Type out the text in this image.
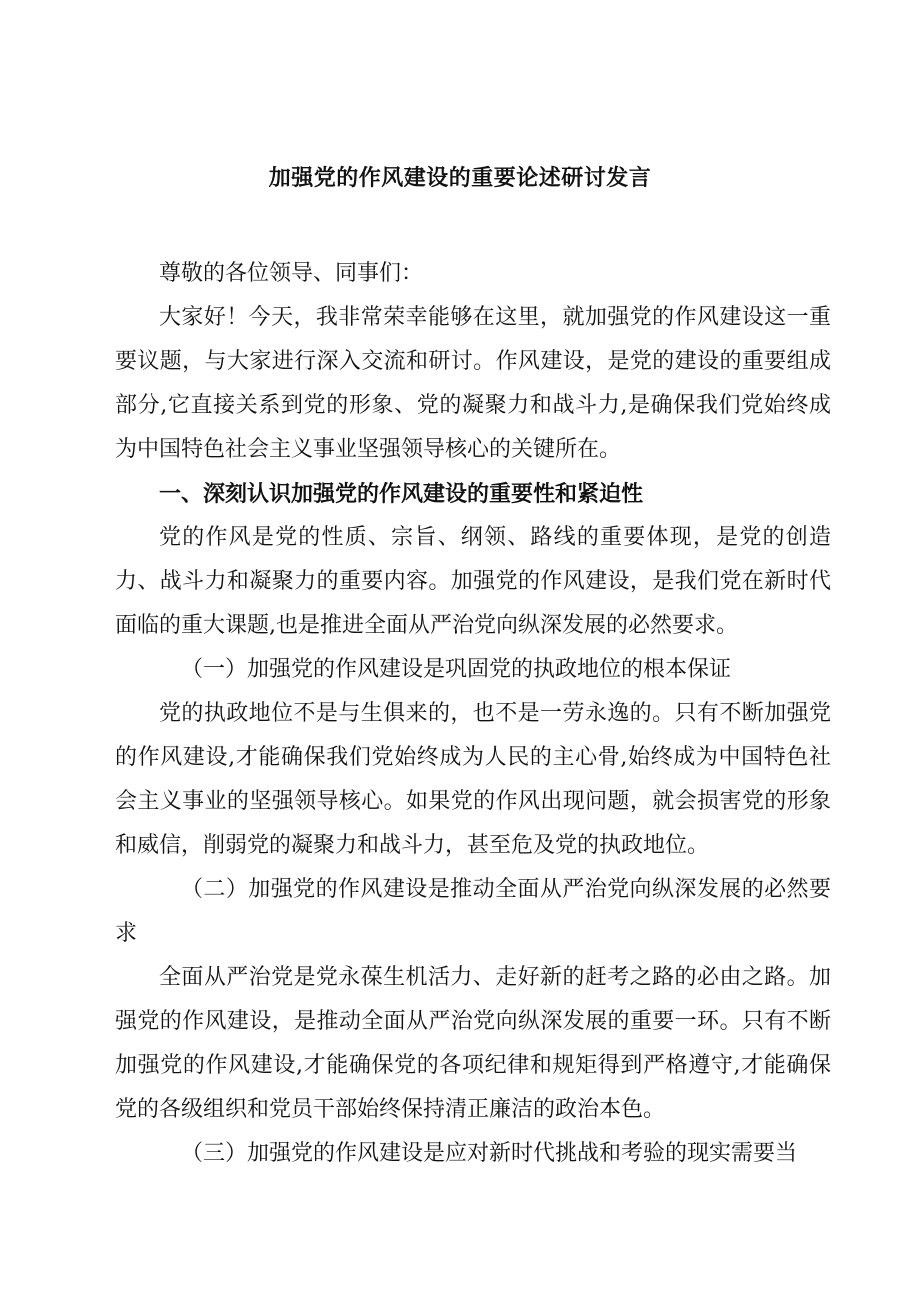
加强党的作风建设的重要论述研讨发言

尊敬的各位领导、同事们：

大家好！今天，我非常荣幸能够在这里，就加强党的作风建设这一重要议题，与大家进行深入交流和研讨。作风建设，是党的建设的重要组成部分,它直接关系到党的形象、党的凝聚力和战斗力,是确保我们党始终成为中国特色社会主义事业坚强领导核心的关键所在。

一、深刻认识加强党的作风建设的重要性和紧迫性

党的作风是党的性质、宗旨、纲领、路线的重要体现，是党的创造力、战斗力和凝聚力的重要内容。加强党的作风建设，是我们党在新时代面临的重大课题,也是推进全面从严治党向纵深发展的必然要求。

（一）加强党的作风建设是巩固党的执政地位的根本保证

党的执政地位不是与生俱来的，也不是一劳永逸的。只有不断加强党的作风建设,才能确保我们党始终成为人民的主心骨,始终成为中国特色社会主义事业的坚强领导核心。如果党的作风出现问题，就会损害党的形象和威信，削弱党的凝聚力和战斗力，甚至危及党的执政地位。

（二）加强党的作风建设是推动全面从严治党向纵深发展的必然要求

全面从严治党是党永葆生机活力、走好新的赶考之路的必由之路。加强党的作风建设，是推动全面从严治党向纵深发展的重要一环。只有不断加强党的作风建设,才能确保党的各项纪律和规矩得到严格遵守,才能确保党的各级组织和党员干部始终保持清正廉洁的政治本色。

（三）加强党的作风建设是应对新时代挑战和考验的现实需要当
